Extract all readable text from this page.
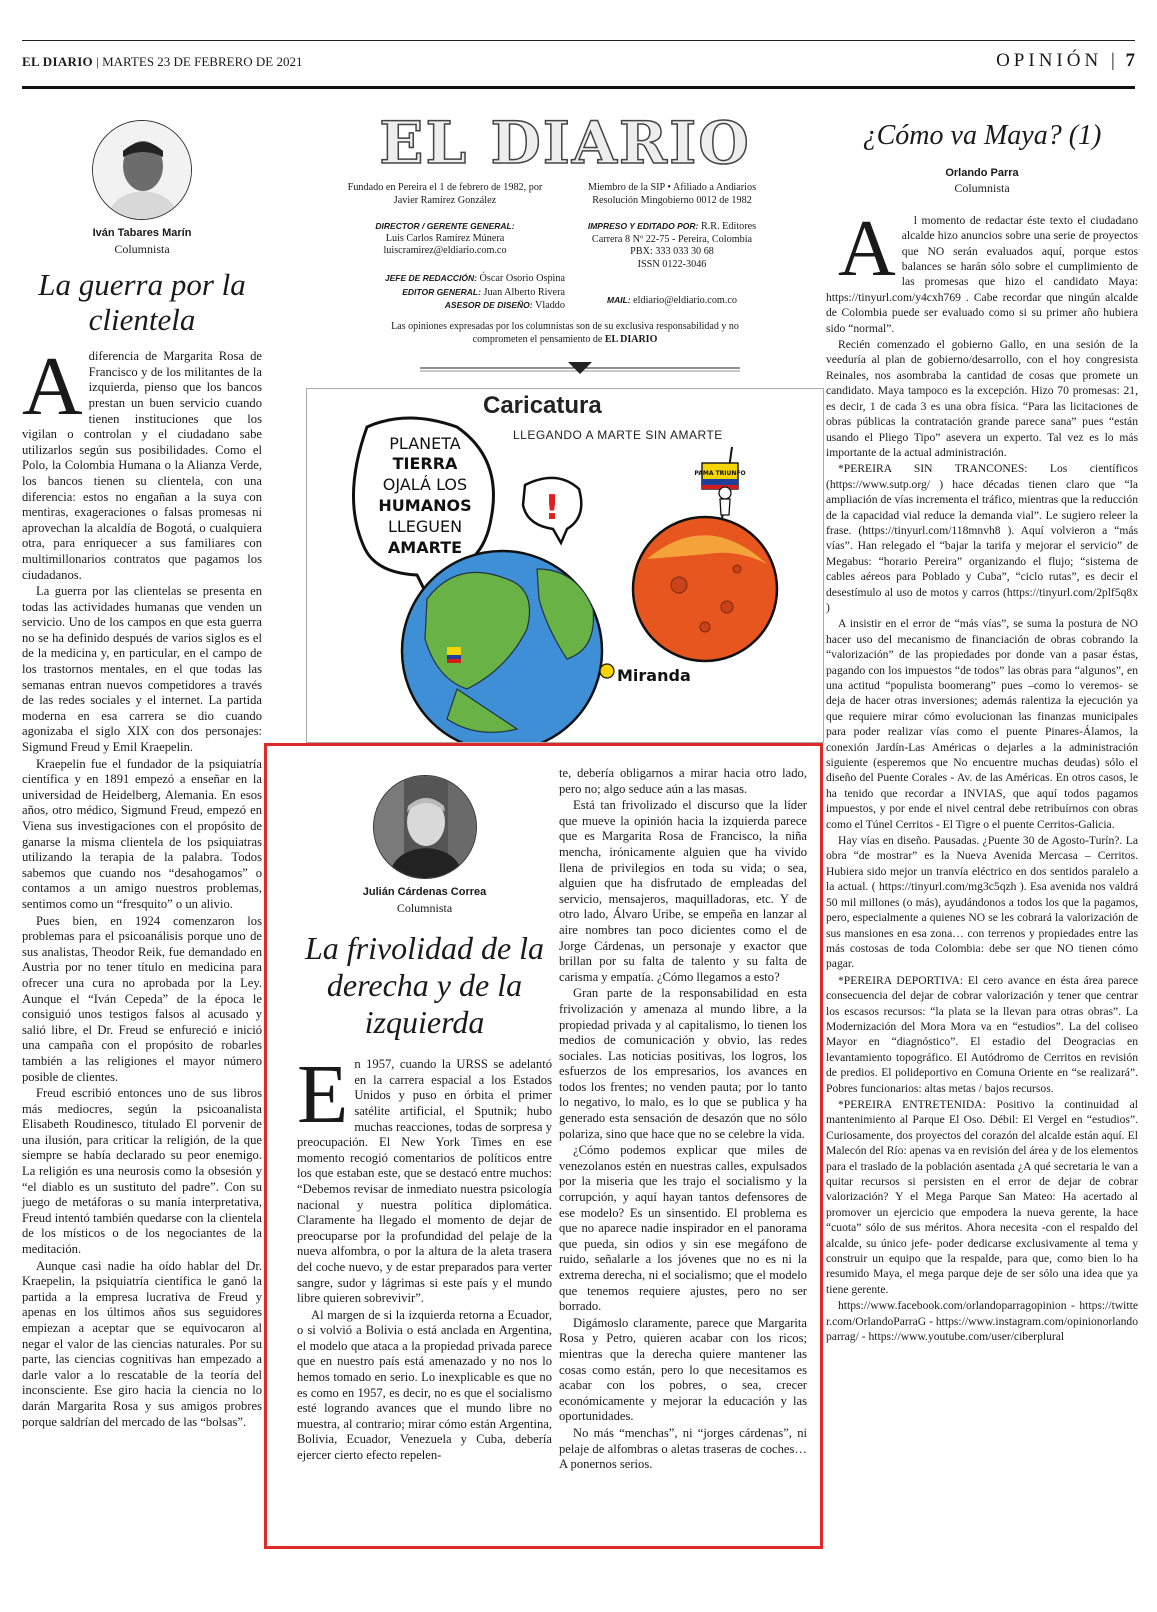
EL DIARIO | MARTES 23 DE FEBRERO DE 2021	OPINIÓN | 7
Iván Tabares Marín
Columnista
La guerra por la clientela

Adiferencia de Margarita Rosa de Francisco y de los militantes de la izquierda, pienso que los bancos prestan un buen servicio cuando tienen instituciones que los vigilan o controlan y el ciudadano sabe utilizarlos según sus posibilidades. Como el Polo, la Colombia Humana o la Alianza Verde, los bancos tienen su clientela, con una diferencia: estos no engañan a la suya con mentiras, exageraciones o falsas promesas ni aprovechan la alcaldía de Bogotá, o cualquiera otra, para enriquecer a sus familiares con multimillonarios contratos que pagamos los ciudadanos.

La guerra por las clientelas se presenta en todas las actividades humanas que venden un servicio. Uno de los campos en que esta guerra no se ha definido después de varios siglos es el de la medicina y, en particular, en el campo de los trastornos mentales, en el que todas las semanas entran nuevos competidores a través de las redes sociales y el internet. La partida moderna en esa carrera se dio cuando agonizaba el siglo XIX con dos personajes: Sigmund Freud y Emil Kraepelin.

Kraepelin fue el fundador de la psiquiatría científica y en 1891 empezó a enseñar en la universidad de Heidelberg, Alemania. En esos años, otro médico, Sigmund Freud, empezó en Viena sus investigaciones con el propósito de ganarse la misma clientela de los psiquiatras utilizando la terapia de la palabra. Todos sabemos que cuando nos “desahogamos” o contamos a un amigo nuestros problemas, sentimos como un “fresquito” o un alivio.

Pues bien, en 1924 comenzaron los problemas para el psicoanálisis porque uno de sus analistas, Theodor Reik, fue demandado en Austria por no tener título en medicina para ofrecer una cura no aprobada por la Ley. Aunque el “Iván Cepeda” de la época le consiguió unos testigos falsos al acusado y salió libre, el Dr. Freud se enfureció e inició una campaña con el propósito de robarles también a las religiones el mayor número posible de clientes.

Freud escribió entonces uno de sus libros más mediocres, según la psicoanalista Elisabeth Roudinesco, titulado El porvenir de una ilusión, para criticar la religión, de la que siempre se había declarado su peor enemigo. La religión es una neurosis como la obsesión y “el diablo es un sustituto del padre”. Con su juego de metáforas o su manía interpretativa, Freud intentó también quedarse con la clientela de los místicos o de los negociantes de la meditación.

Aunque casi nadie ha oído hablar del Dr. Kraepelin, la psiquiatría científica le ganó la partida a la empresa lucrativa de Freud y apenas en los últimos años sus seguidores empiezan a aceptar que se equivocaron al negar el valor de las ciencias naturales. Por su parte, las ciencias cognitivas han empezado a darle valor a lo rescatable de la teoría del inconsciente. Ese giro hacia la ciencia no lo darán Margarita Rosa y sus amigos probres porque saldrían del mercado de las “bolsas”.

EL DIARIO
Fundado en Pereira el 1 de febrero de 1982, por Javier Ramírez González
Miembro de la SIP • Afiliado a Andiarios Resolución Mingobierno 0012 de 1982
DIRECTOR / GERENTE GENERAL:
Luis Carlos Ramírez Múnera
luiscramirez@eldiario.com.co
IMPRESO Y EDITADO POR: R.R. Editores
Carrera 8 Nº 22-75 - Pereira, Colombia
PBX: 333 033 30 68
ISSN 0122-3046
JEFE DE REDACCIÓN: Óscar Osorio Ospina
EDITOR GENERAL: Juan Alberto Rivera
ASESOR DE DISEÑO: Vladdo	MAIL: eldiario@eldiario.com.co
Las opiniones expresadas por los columnistas son de su exclusiva responsabilidad y no comprometen el pensamiento de EL DIARIO
Caricatura
LLEGANDO A MARTE SIN AMARTE
PLANETA
TIERRA
OJALÁ LOS
HUMANOS
LLEGUEN
AMARTE
!
PAMA TRIUNFO
Miranda
Julián Cárdenas Correa
Columnista
La frivolidad de la derecha y de la izquierda

En 1957, cuando la URSS se adelantó en la carrera espacial a los Estados Unidos y puso en órbita el primer satélite artificial, el Sputnik; hubo muchas reacciones, todas de sorpresa y preocupación. El New York Times en ese momento recogió comentarios de políticos entre los que estaban este, que se destacó entre muchos: “Debemos revisar de inmediato nuestra psicología nacional y nuestra política diplomática. Claramente ha llegado el momento de dejar de preocuparse por la profundidad del pelaje de la nueva alfombra, o por la altura de la aleta trasera del coche nuevo, y de estar preparados para verter sangre, sudor y lágrimas si este país y el mundo libre quieren sobrevivir”.

Al margen de si la izquierda retorna a Ecuador, o si volvió a Bolivia o está anclada en Argentina, el modelo que ataca a la propiedad privada parece que en nuestro país está amenazado y no nos lo hemos tomado en serio. Lo inexplicable es que no es como en 1957, es decir, no es que el socialismo esté logrando avances que el mundo libre no muestra, al contrario; mirar cómo están Argentina, Bolivia, Ecuador, Venezuela y Cuba, debería ejercer cierto efecto repelen-

te, debería obligarnos a mirar hacia otro lado, pero no; algo seduce aún a las masas.

Está tan frivolizado el discurso que la líder que mueve la opinión hacia la izquierda parece que es Margarita Rosa de Francisco, la niña mencha, irónicamente alguien que ha vivido llena de privilegios en toda su vida; o sea, alguien que ha disfrutado de empleadas del servicio, mensajeros, maquilladoras, etc. Y de otro lado, Álvaro Uribe, se empeña en lanzar al aire nombres tan poco dicientes como el de Jorge Cárdenas, un personaje y exactor que brillan por su falta de talento y su falta de carisma y empatía. ¿Cómo llegamos a esto?

Gran parte de la responsabilidad en esta frivolización y amenaza al mundo libre, a la propiedad privada y al capitalismo, lo tienen los medios de comunicación y obvio, las redes sociales. Las noticias positivas, los logros, los esfuerzos de los empresarios, los avances en todos los frentes; no venden pauta; por lo tanto lo negativo, lo malo, es lo que se publica y ha generado esta sensación de desazón que no sólo polariza, sino que hace que no se celebre la vida.

¿Cómo podemos explicar que miles de venezolanos estén en nuestras calles, expulsados por la miseria que les trajo el socialismo y la corrupción, y aquí hayan tantos defensores de ese modelo? Es un sinsentido. El problema es que no aparece nadie inspirador en el panorama que pueda, sin odios y sin ese megáfono de ruido, señalarle a los jóvenes que no es ni la extrema derecha, ni el socialismo; que el modelo que tenemos requiere ajustes, pero no ser borrado.

Digámoslo claramente, parece que Margarita Rosa y Petro, quieren acabar con los ricos; mientras que la derecha quiere mantener las cosas como están, pero lo que necesitamos es acabar con los pobres, o sea, crecer económicamente y mejorar la educación y las oportunidades.

No más “menchas”, ni “jorges cárdenas”, ni pelaje de alfombras o aletas traseras de coches… A ponernos serios.

¿Cómo va Maya? (1)
Orlando Parra
Columnista

A l momento de redactar éste texto el ciudadano alcalde hizo anuncios sobre una serie de proyectos que NO serán evaluados aquí, porque estos balances se harán sólo sobre el cumplimiento de las promesas que hizo el candidato Maya: https://tinyurl.com/y4cxh769 . Cabe recordar que ningún alcalde de Colombia puede ser evaluado como si su primer año hubiera sido “normal”.

Recién comenzado el gobierno Gallo, en una sesión de la veeduría al plan de gobierno/desarrollo, con el hoy congresista Reinales, nos asombraba la cantidad de cosas que promete un candidato. Maya tampoco es la excepción. Hizo 70 promesas: 21, es decir, 1 de cada 3 es una obra física. “Para las licitaciones de obras públicas la contratación grande parece sana” pues “están usando el Pliego Tipo” asevera un experto. Tal vez es lo más importante de la actual administración.

*PEREIRA SIN TRANCONES: Los científicos (https://www.sutp.org/ ) hace décadas tienen claro que “la ampliación de vías incrementa el tráfico, mientras que la reducción de la capacidad vial reduce la demanda vial”. Le sugiero releer la frase. (https://tinyurl.com/118mnvh8 ). Aquí volvieron a “más vías”. Han relegado el “bajar la tarifa y mejorar el servicio” de Megabus: “horario Pereira” organizando el flujo; “sistema de cables aéreos para Poblado y Cuba”, “ciclo rutas”, es decir el desestímulo al uso de motos y carros (https://tinyurl.com/2plf5q8x )

A insistir en el error de “más vías”, se suma la postura de NO hacer uso del mecanismo de financiación de obras cobrando la “valorización” de las propiedades por donde van a pasar éstas, pagando con los impuestos “de todos” las obras para “algunos”, en una actitud “populista boomerang” pues –como lo veremos- se deja de hacer otras inversiones; además ralentiza la ejecución ya que requiere mirar cómo evolucionan las finanzas municipales para poder realizar vías como el puente Pinares-Álamos, la conexión Jardín-Las Américas o dejarles a la administración siguiente (esperemos que No encuentre muchas deudas) sólo el diseño del Puente Corales - Av. de las Américas. En otros casos, le ha tenido que recordar a INVIAS, que aquí todos pagamos impuestos, y por ende el nivel central debe retribuírnos con obras como el Túnel Cerritos - El Tigre o el puente Cerritos-Galicia.

Hay vías en diseño. Pausadas. ¿Puente 30 de Agosto-Turín?. La obra “de mostrar” es la Nueva Avenida Mercasa – Cerritos. Hubiera sido mejor un tranvía eléctrico en dos sentidos paralelo a la actual. ( https://tinyurl.com/mg3c5qzh ). Esa avenida nos valdrá 50 mil millones (o más), ayudándonos a todos los que la pagamos, pero, especialmente a quienes NO se les cobrará la valorización de sus mansiones en esa zona… con terrenos y propiedades entre las más costosas de toda Colombia: debe ser que NO tienen cómo pagar.

*PEREIRA DEPORTIVA: El cero avance en ésta área parece consecuencia del dejar de cobrar valorización y tener que centrar los escasos recursos: “la plata se la llevan para otras obras”. La Modernización del Mora Mora va en “estudios”. La del coliseo Mayor en “diagnóstico”. El estadio del Deogracias en levantamiento topográfico. El Autódromo de Cerritos en revisión de predios. El polideportivo en Comuna Oriente en “se realizará”. Pobres funcionarios: altas metas / bajos recursos.

*PEREIRA ENTRETENIDA: Positivo la continuidad al mantenimiento al Parque El Oso. Débil: El Vergel en “estudios”. Curiosamente, dos proyectos del corazón del alcalde están aquí. El Malecón del Río: apenas va en revisión del área y de los elementos para el traslado de la población asentada ¿A qué secretaria le van a quitar recursos si persisten en el error de dejar de cobrar valorización? Y el Mega Parque San Mateo: Ha acertado al promover un ejercicio que empodera la nueva gerente, la hace “cuota” sólo de sus méritos. Ahora necesita -con el respaldo del alcalde, su único jefe- poder dedicarse exclusivamente al tema y construir un equipo que la respalde, para que, como bien lo ha resumido Maya, el mega parque deje de ser sólo una idea que ya tiene gerente.

https://www.facebook.com/orlandoparragopinion - https://twitter.com/OrlandoParraG - https://www.instagram.com/opinionorlandoparrag/ - https://www.youtube.com/user/ciberplural
